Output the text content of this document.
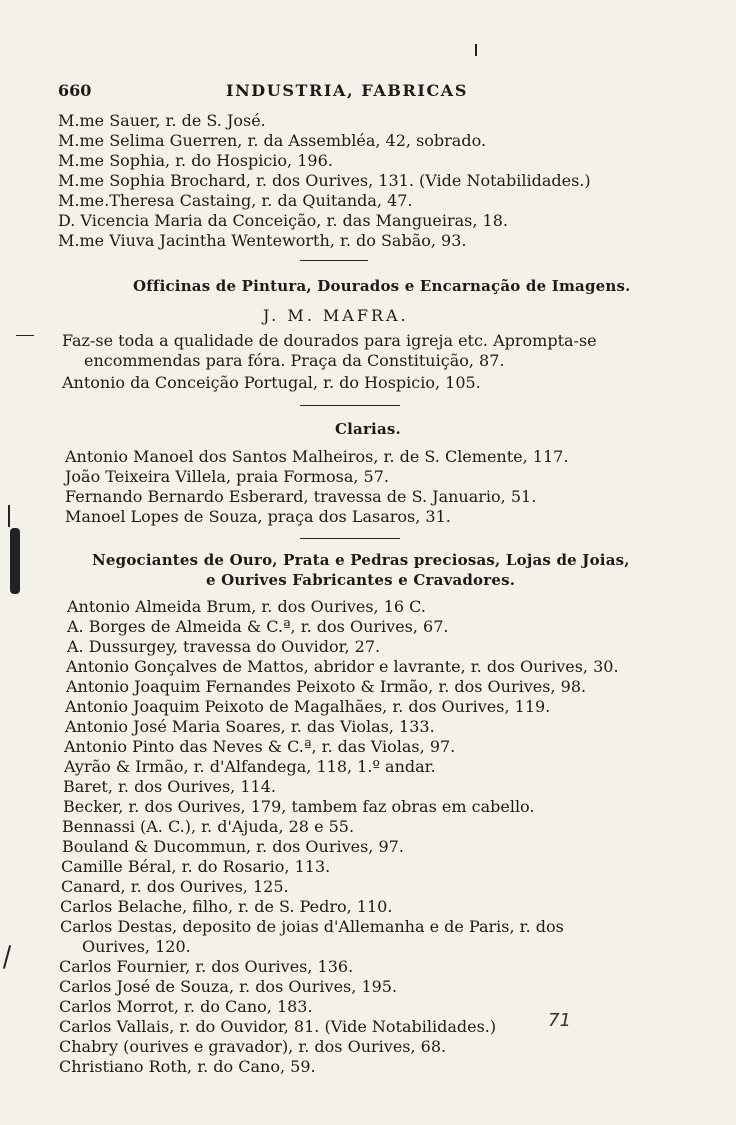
660	INDUSTRIA, FABRICAS
M.me Sauer, r. de S. José.
M.me Selima Guerren, r. da Assembléa, 42, sobrado.
M.me Sophia, r. do Hospicio, 196.
M.me Sophia Brochard, r. dos Ourives, 131. (Vide Notabilidades.)
M.me.Theresa Castaing, r. da Quitanda, 47.
D. Vicencia Maria da Conceição, r. das Mangueiras, 18.
M.me Viuva Jacintha Wenteworth, r. do Sabão, 93.
Officinas de Pintura, Dourados e Encarnação de Imagens.
J. M. MAFRA.
Faz-se toda a qualidade de dourados para igreja etc. Aprompta-se
encommendas para fóra. Praça da Constituição, 87.
Antonio da Conceição Portugal, r. do Hospicio, 105.
Clarias.
Antonio Manoel dos Santos Malheiros, r. de S. Clemente, 117.
João Teixeira Villela, praia Formosa, 57.
Fernando Bernardo Esberard, travessa de S. Januario, 51.
Manoel Lopes de Souza, praça dos Lasaros, 31.
Negociantes de Ouro, Prata e Pedras preciosas, Lojas de Joias,
e Ourives Fabricantes e Cravadores.
Antonio Almeida Brum, r. dos Ourives, 16 C.
A. Borges de Almeida & C.ª, r. dos Ourives, 67.
A. Dussurgey, travessa do Ouvidor, 27.
Antonio Gonçalves de Mattos, abridor e lavrante, r. dos Ourives, 30.
Antonio Joaquim Fernandes Peixoto & Irmão, r. dos Ourives, 98.
Antonio Joaquim Peixoto de Magalhães, r. dos Ourives, 119.
Antonio José Maria Soares, r. das Violas, 133.
Antonio Pinto das Neves & C.ª, r. das Violas, 97.
Ayrão & Irmão, r. d'Alfandega, 118, 1.º andar.
Baret, r. dos Ourives, 114.
Becker, r. dos Ourives, 179, tambem faz obras em cabello.
Bennassi (A. C.), r. d'Ajuda, 28 e 55.
Bouland & Ducommun, r. dos Ourives, 97.
Camille Béral, r. do Rosario, 113.
Canard, r. dos Ourives, 125.
Carlos Belache, filho, r. de S. Pedro, 110.
Carlos Destas, deposito de joias d'Allemanha e de Paris, r. dos
Ourives, 120.
Carlos Fournier, r. dos Ourives, 136.
Carlos José de Souza, r. dos Ourives, 195.
Carlos Morrot, r. do Cano, 183.
Carlos Vallais, r. do Ouvidor, 81. (Vide Notabilidades.)
Chabry (ourives e gravador), r. dos Ourives, 68.
Christiano Roth, r. do Cano, 59.
71
